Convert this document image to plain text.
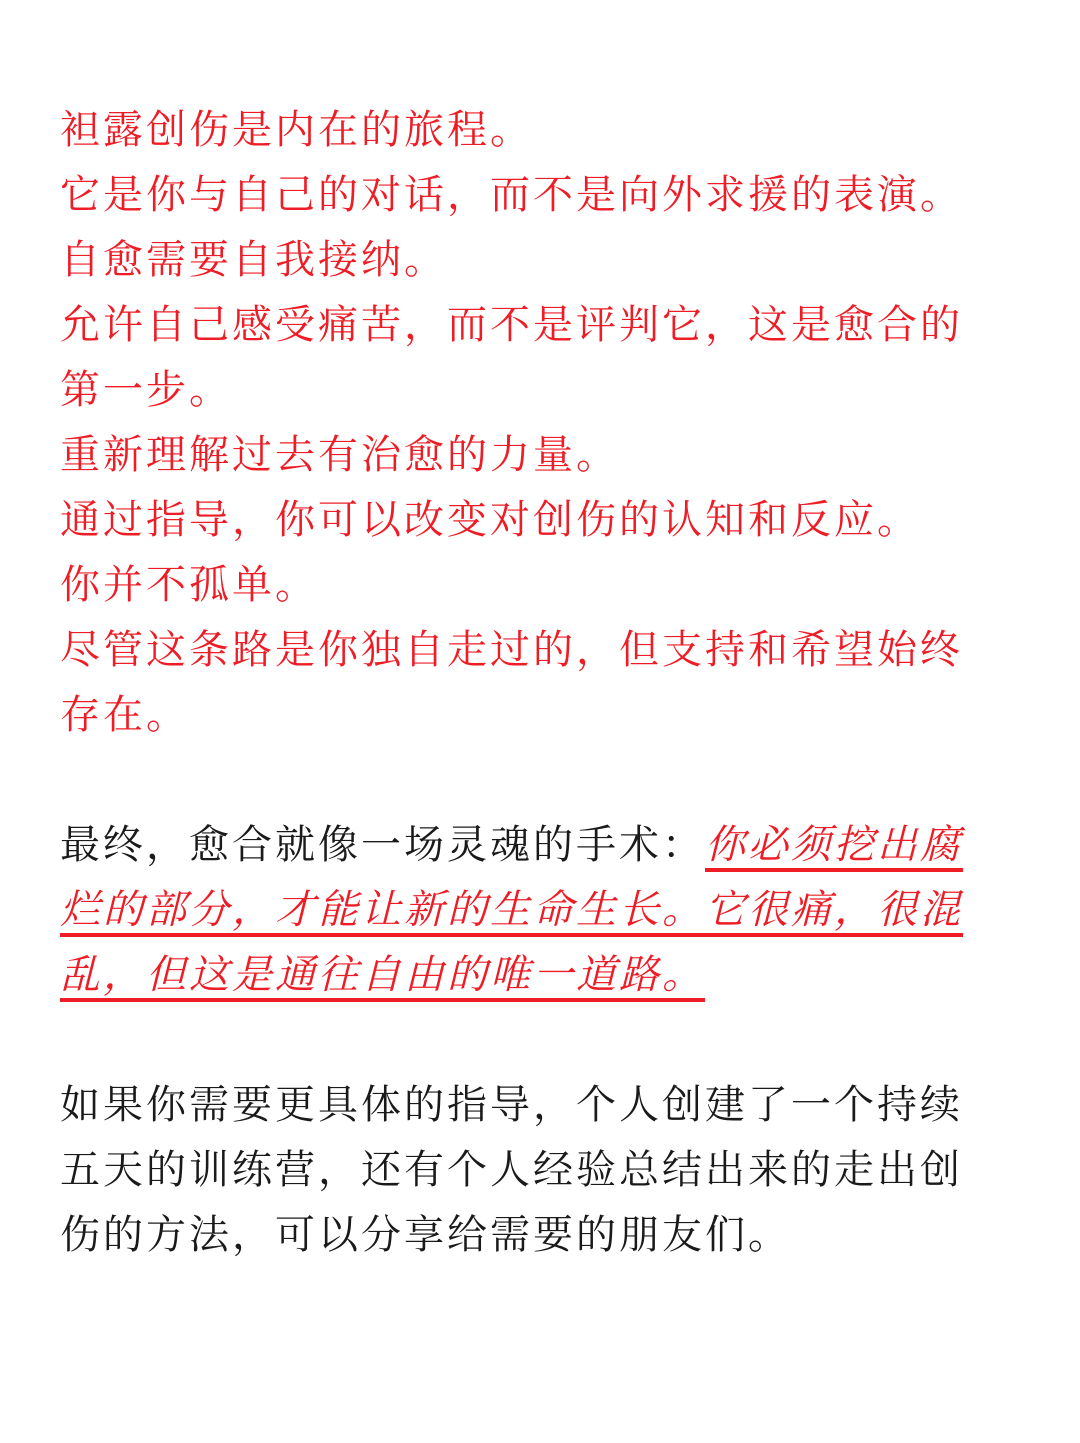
袒露创伤是内在的旅程。

它是你与自己的对话，而不是向外求援的表演。

自愈需要自我接纳。

允许自己感受痛苦，而不是评判它，这是愈合的第一步。

重新理解过去有治愈的力量。

通过指导，你可以改变对创伤的认知和反应。

你并不孤单。

尽管这条路是你独自走过的，但支持和希望始终存在。

最终，愈合就像一场灵魂的手术：你必须挖出腐烂的部分，才能让新的生命生长。它很痛，很混乱，但这是通往自由的唯一道路。

如果你需要更具体的指导，个人创建了一个持续五天的训练营，还有个人经验总结出来的走出创伤的方法，可以分享给需要的朋友们。
